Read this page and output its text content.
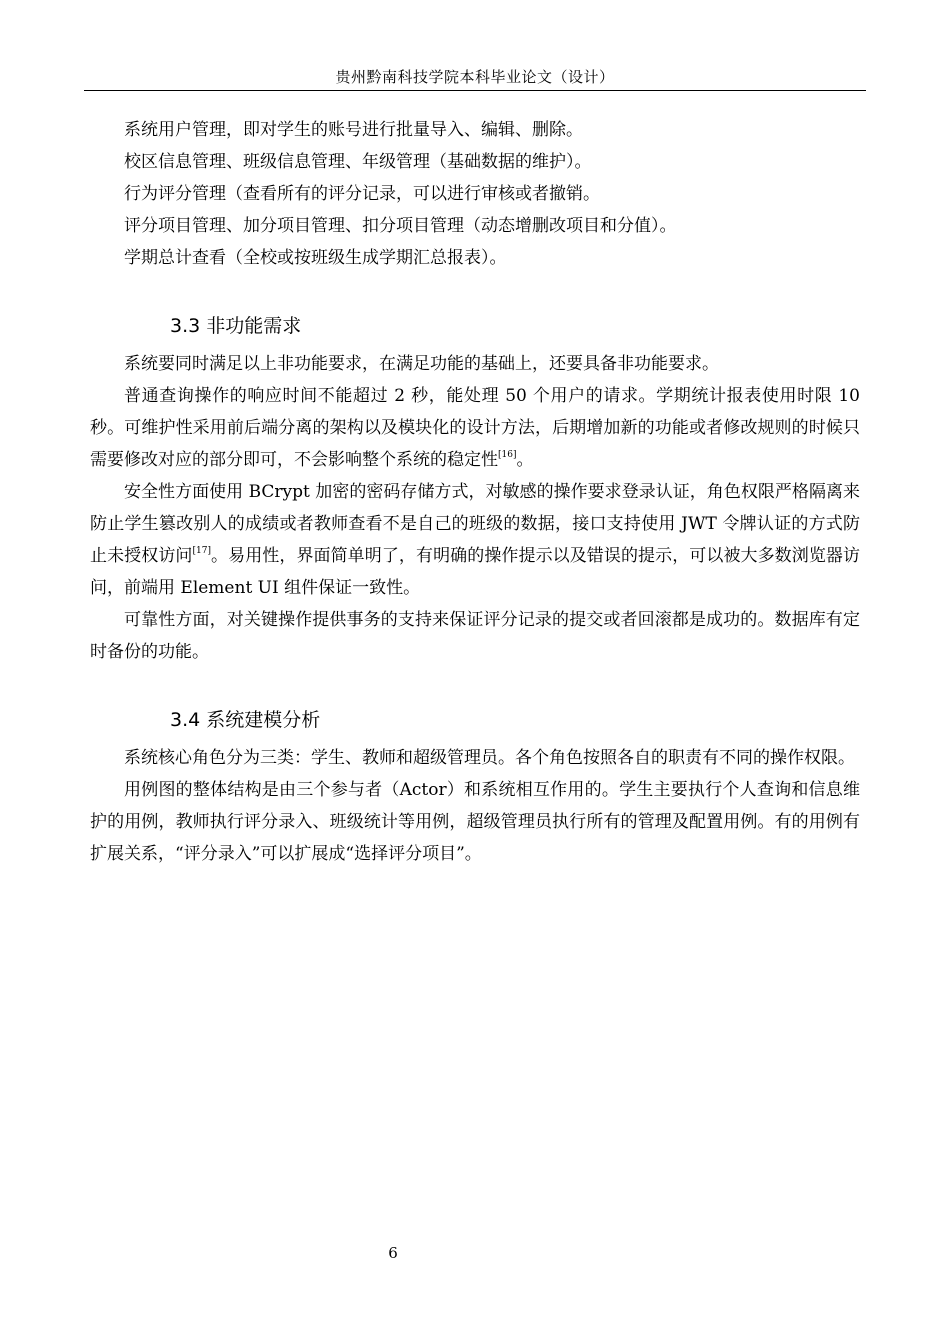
贵州黔南科技学院本科毕业论文（设计）

系统用户管理，即对学生的账号进行批量导入、编辑、删除。

校区信息管理、班级信息管理、年级管理（基础数据的维护）。

行为评分管理（查看所有的评分记录，可以进行审核或者撤销。

评分项目管理、加分项目管理、扣分项目管理（动态增删改项目和分值）。

学期总计查看（全校或按班级生成学期汇总报表）。

3.3 非功能需求

系统要同时满足以上非功能要求，在满足功能的基础上，还要具备非功能要求。

普通查询操作的响应时间不能超过 2 秒，能处理 50 个用户的请求。学期统计报表使用时限 10 秒。可维护性采用前后端分离的架构以及模块化的设计方法，后期增加新的功能或者修改规则的时候只需要修改对应的部分即可，不会影响整个系统的稳定性[16]。

安全性方面使用 BCrypt 加密的密码存储方式，对敏感的操作要求登录认证，角色权限严格隔离来防止学生篡改别人的成绩或者教师查看不是自己的班级的数据，接口支持使用 JWT 令牌认证的方式防止未授权访问[17]。易用性，界面简单明了，有明确的操作提示以及错误的提示，可以被大多数浏览器访问，前端用 Element UI 组件保证一致性。

可靠性方面，对关键操作提供事务的支持来保证评分记录的提交或者回滚都是成功的。数据库有定时备份的功能。

3.4 系统建模分析

系统核心角色分为三类：学生、教师和超级管理员。各个角色按照各自的职责有不同的操作权限。

用例图的整体结构是由三个参与者（Actor）和系统相互作用的。学生主要执行个人查询和信息维护的用例，教师执行评分录入、班级统计等用例，超级管理员执行所有的管理及配置用例。有的用例有扩展关系，“评分录入”可以扩展成“选择评分项目”。

6
